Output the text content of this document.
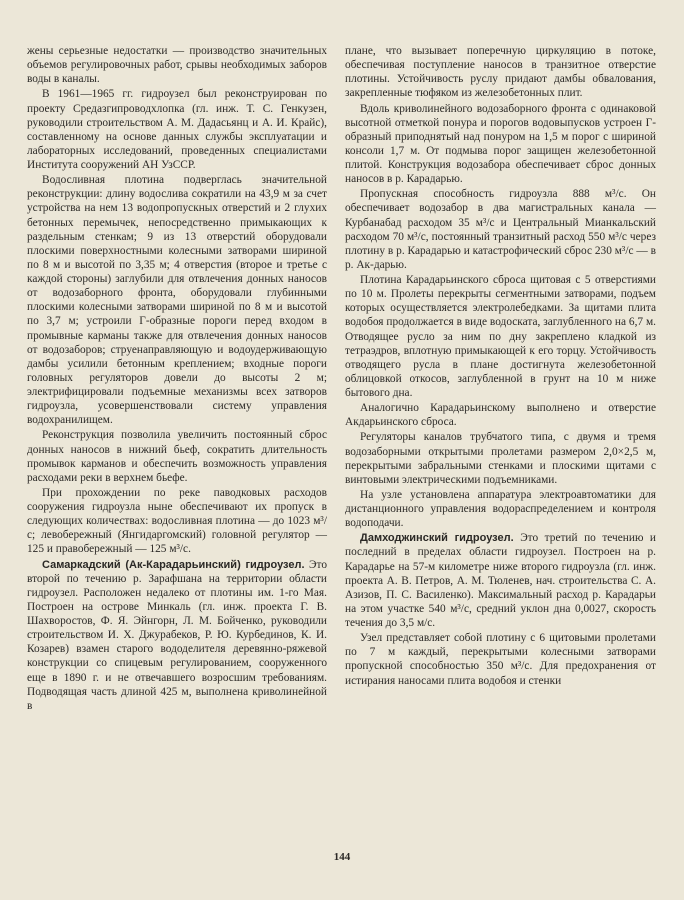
жены серьезные недостатки — производство значительных объемов регулировочных работ, срывы необходимых заборов воды в каналы.

В 1961—1965 гг. гидроузел был реконструирован по проекту Средазгипроводхлопка (гл. инж. Т. С. Генкузен, руководили строительством А. М. Дадасьянц и А. И. Крайс), составленному на основе данных службы эксплуатации и лабораторных исследований, проведенных специалистами Института сооружений АН УзССР.

Водосливная плотина подверглась значительной реконструкции: длину водослива сократили на 43,9 м за счет устройства на нем 13 водопропускных отверстий и 2 глухих бетонных перемычек, непосредственно примыкающих к раздельным стенкам; 9 из 13 отверстий оборудовали плоскими поверхностными колесными затворами шириной по 8 м и высотой по 3,35 м; 4 отверстия (второе и третье с каждой стороны) заглубили для отвлечения донных наносов от водозаборного фронта, оборудовали глубинными плоскими колесными затворами шириной по 8 м и высотой по 3,7 м; устроили Г-образные пороги перед входом в промывные карманы также для отвлечения донных наносов от водозаборов; струенаправляющую и водоудерживающую дамбы усилили бетонным креплением; входные пороги головных регуляторов довели до высоты 2 м; электрифицировали подъемные механизмы всех затворов гидроузла, усовершенствовали систему управления водохранилищем.

Реконструкция позволила увеличить постоянный сброс донных наносов в нижний бьеф, сократить длительность промывок карманов и обеспечить возможность управления расходами реки в верхнем бьефе.

При прохождении по реке паводковых расходов сооружения гидроузла ныне обеспечивают их пропуск в следующих количествах: водосливная плотина — до 1023 м³/с; левобережный (Янгидаргомский) головной регулятор — 125 и правобережный — 125 м³/с.

Самаркадский (Ак-Карадарьинский) гидроузел. Это второй по течению р. Зарафшана на территории области гидроузел. Расположен недалеко от плотины им. 1-го Мая. Построен на острове Минкаль (гл. инж. проекта Г. В. Шахворостов, Ф. Я. Эйнгорн, Л. М. Бойченко, руководили строительством И. Х. Джурабеков, Р. Ю. Курбединов, К. И. Козарев) взамен старого вододелителя деревянно-ряжевой конструкции со спицевым регулированием, сооруженного еще в 1890 г. и не отвечавшего возросшим требованиям. Подводящая часть длиной 425 м, выполнена криволинейной в

плане, что вызывает поперечную циркуляцию в потоке, обеспечивая поступление наносов в транзитное отверстие плотины. Устойчивость руслу придают дамбы обвалования, закрепленные тюфяком из железобетонных плит.

Вдоль криволинейного водозаборного фронта с одинаковой высотной отметкой понура и порогов водовыпусков устроен Г-образный приподнятый над понуром на 1,5 м порог с шириной консоли 1,7 м. От подмыва порог защищен железобетонной плитой. Конструкция водозабора обеспечивает сброс донных наносов в р. Карадарью.

Пропускная способность гидроузла 888 м³/с. Он обеспечивает водозабор в два магистральных канала — Курбанабад расходом 35 м³/с и Центральный Мианкальский расходом 70 м³/с, постоянный транзитный расход 550 м³/с через плотину в р. Карадарью и катастрофический сброс 230 м³/с — в р. Ак-дарью.

Плотина Карадарьинского сброса щитовая с 5 отверстиями по 10 м. Пролеты перекрыты сегментными затворами, подъем которых осуществляется электролебедками. За щитами плита водобоя продолжается в виде водоската, заглубленного на 6,7 м. Отводящее русло за ним по дну закреплено кладкой из тетраэдров, вплотную примыкающей к его торцу. Устойчивость отводящего русла в плане достигнута железобетонной облицовкой откосов, заглубленной в грунт на 10 м ниже бытового дна.

Аналогично Карадарьинскому выполнено и отверстие Акдарьинского сброса.

Регуляторы каналов трубчатого типа, с двумя и тремя водозаборными открытыми пролетами размером 2,0×2,5 м, перекрытыми забральными стенками и плоскими щитами с винтовыми электрическими подъемниками.

На узле установлена аппаратура электроавтоматики для дистанционного управления водораспределением и контроля водоподачи.

Дамходжинский гидроузел. Это третий по течению и последний в пределах области гидроузел. Построен на р. Карадарье на 57-м километре ниже второго гидроузла (гл. инж. проекта А. В. Петров, А. М. Тюленев, нач. строительства С. А. Азизов, П. С. Василенко). Максимальный расход р. Карадарьи на этом участке 540 м³/с, средний уклон дна 0,0027, скорость течения до 3,5 м/с.

Узел представляет собой плотину с 6 щитовыми пролетами по 7 м каждый, перекрытыми колесными затворами пропускной способностью 350 м³/с. Для предохранения от истирания наносами плита водобоя и стенки

144
